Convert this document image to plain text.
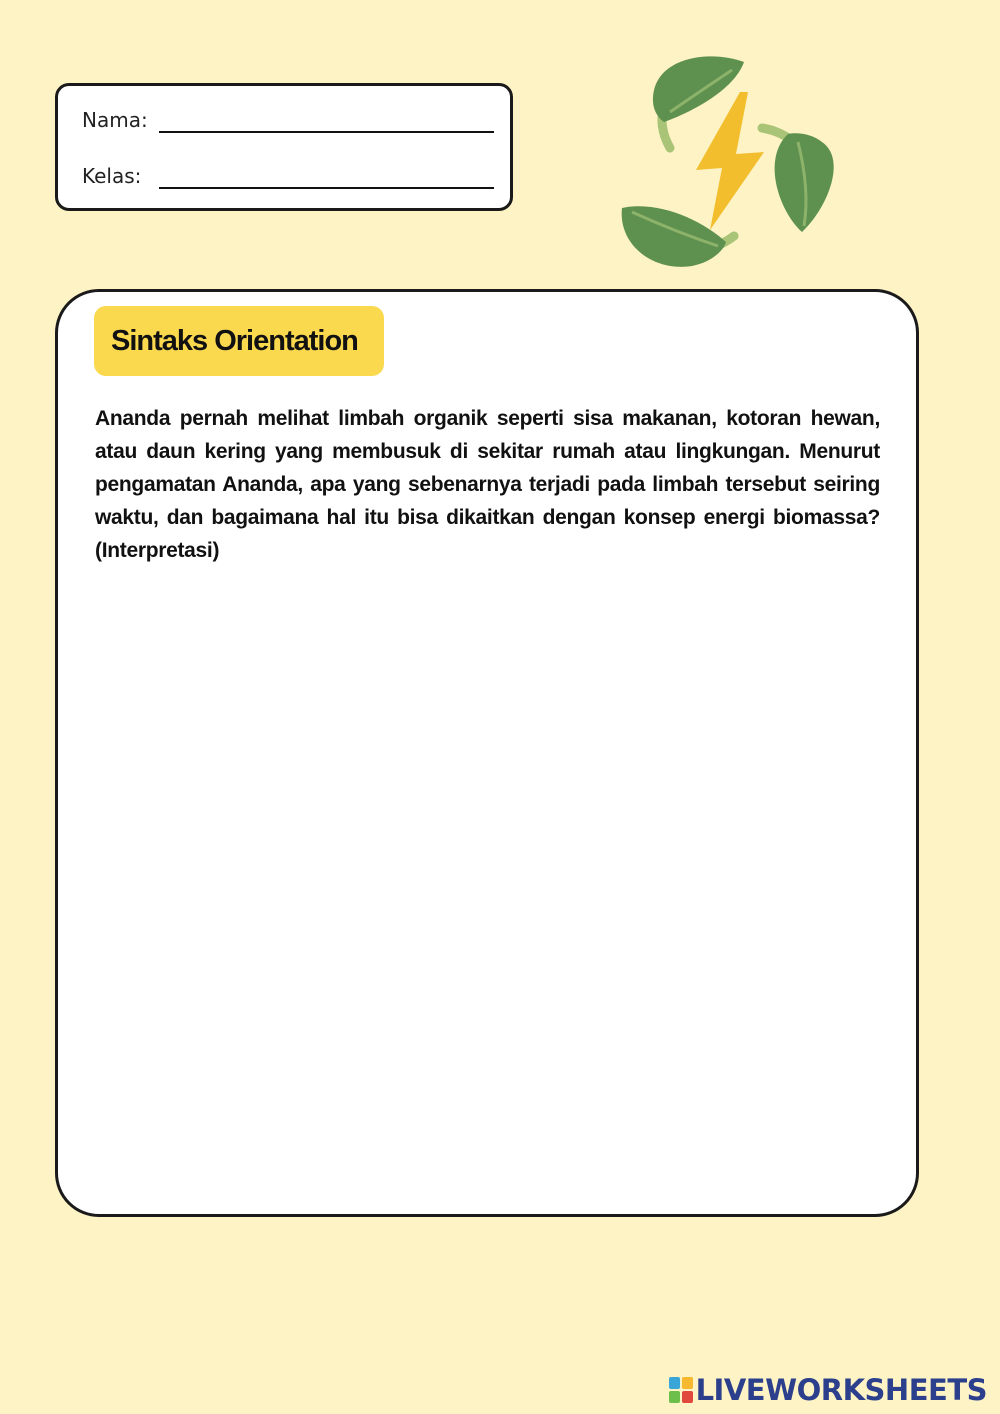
Nama:
Kelas:
Sintaks Orientation

Ananda pernah melihat limbah organik seperti sisa makanan, kotoran hewan, atau daun kering yang membusuk di sekitar rumah atau lingkungan. Menurut pengamatan Ananda, apa yang sebenarnya terjadi pada limbah tersebut seiring waktu, dan bagaimana hal itu bisa dikaitkan dengan konsep energi biomassa? (Interpretasi)

LIVEWORKSHEETS
